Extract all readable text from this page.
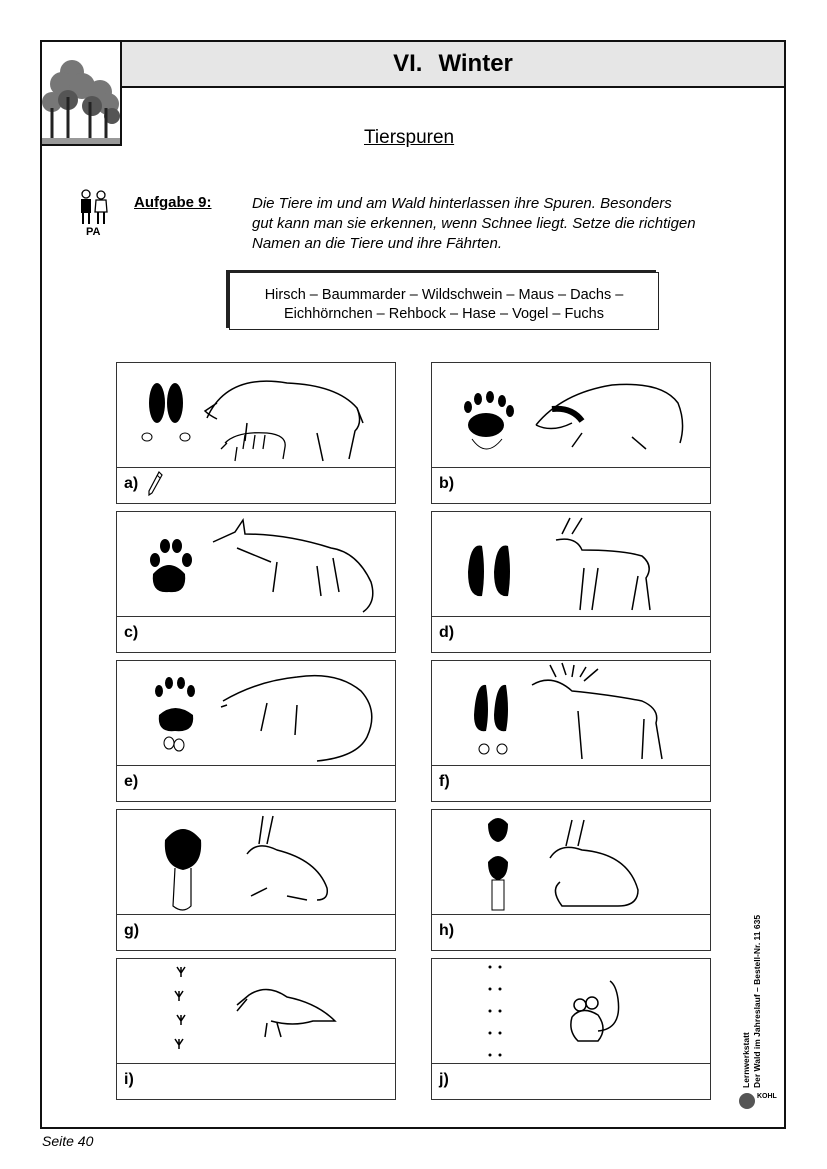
VI. Winter
Tierspuren
PA
Aufgabe 9:	Die Tiere im und am Wald hinterlassen ihre Spuren. Besonders
gut kann man sie erkennen, wenn Schnee liegt. Setze die richtigen
Namen an die Tiere und ihre Fährten.
Hirsch – Baummarder – Wildschwein – Maus – Dachs –
Eichhörnchen – Rehbock – Hase – Vogel – Fuchs
a)	b)
c)	d)
e)	f)
g)	h)
i)	j)	Lernwerkstatt Der Wald im Jahreslauf – Bestell-Nr. 11 635
KOHL
Seite 40
